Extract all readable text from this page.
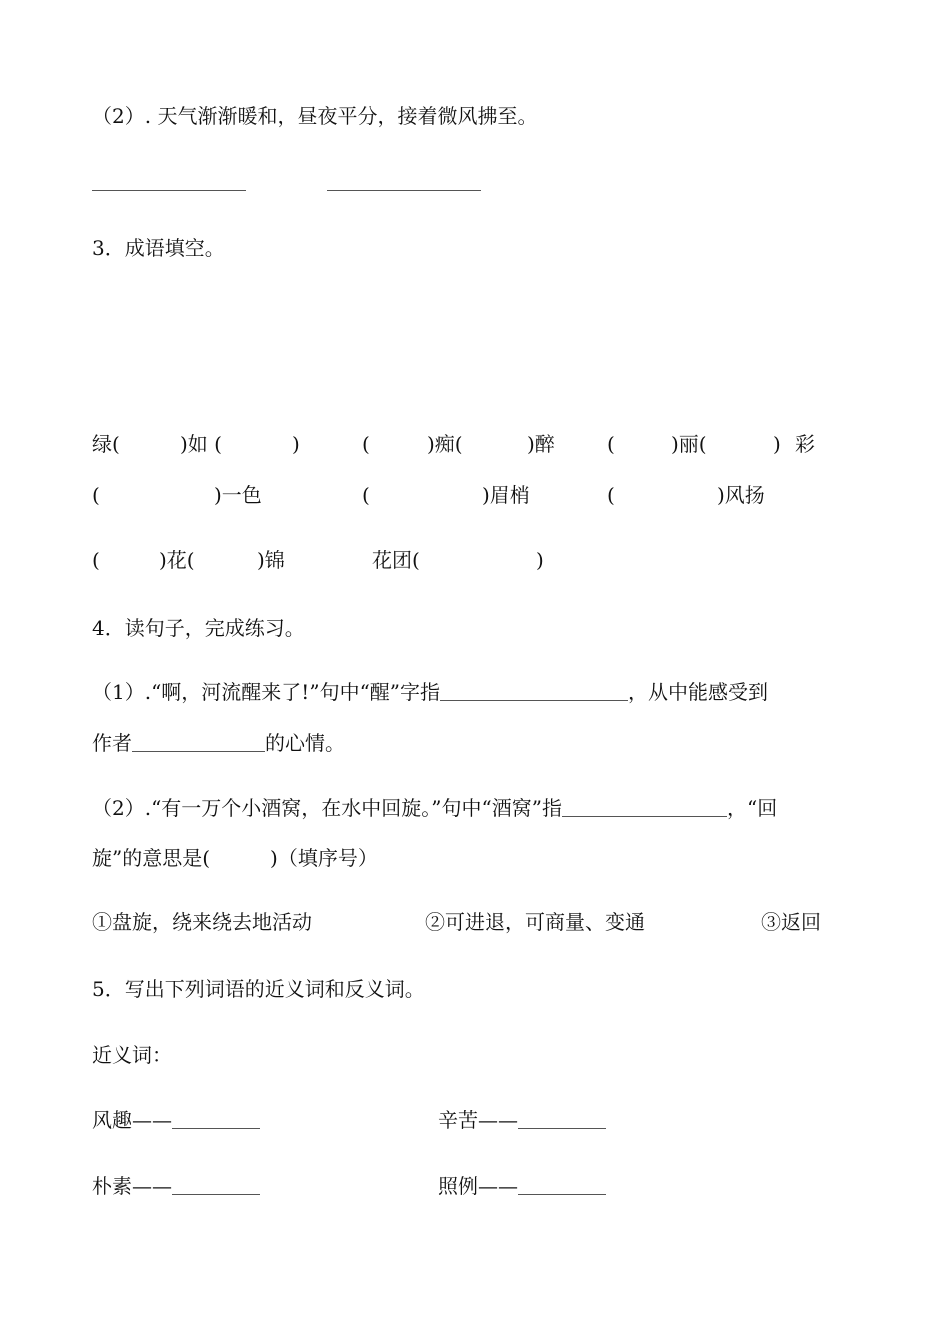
（2）. 天气渐渐暖和，昼夜平分，接着微风拂至。
3．成语填空。
绿(	)如 (	)	(	)痴(	)醉	(	)丽(	) 彩
(	)一色	(	)眉梢	(	)风扬
(	)花(	)锦	花团(	)
4．读句子，完成练习。
（1）.“啊，河流醒来了!”句中“醒”字指	，从中能感受到
作者	的心情。
（2）.“有一万个小酒窝，在水中回旋。”句中“酒窝”指	，“回
旋”的意思是(　　　)（填序号）
①盘旋，绕来绕去地活动	②可进退，可商量、变通	③返回
5．写出下列词语的近义词和反义词。
近义词：
风趣——	辛苦——
朴素——	照例——
